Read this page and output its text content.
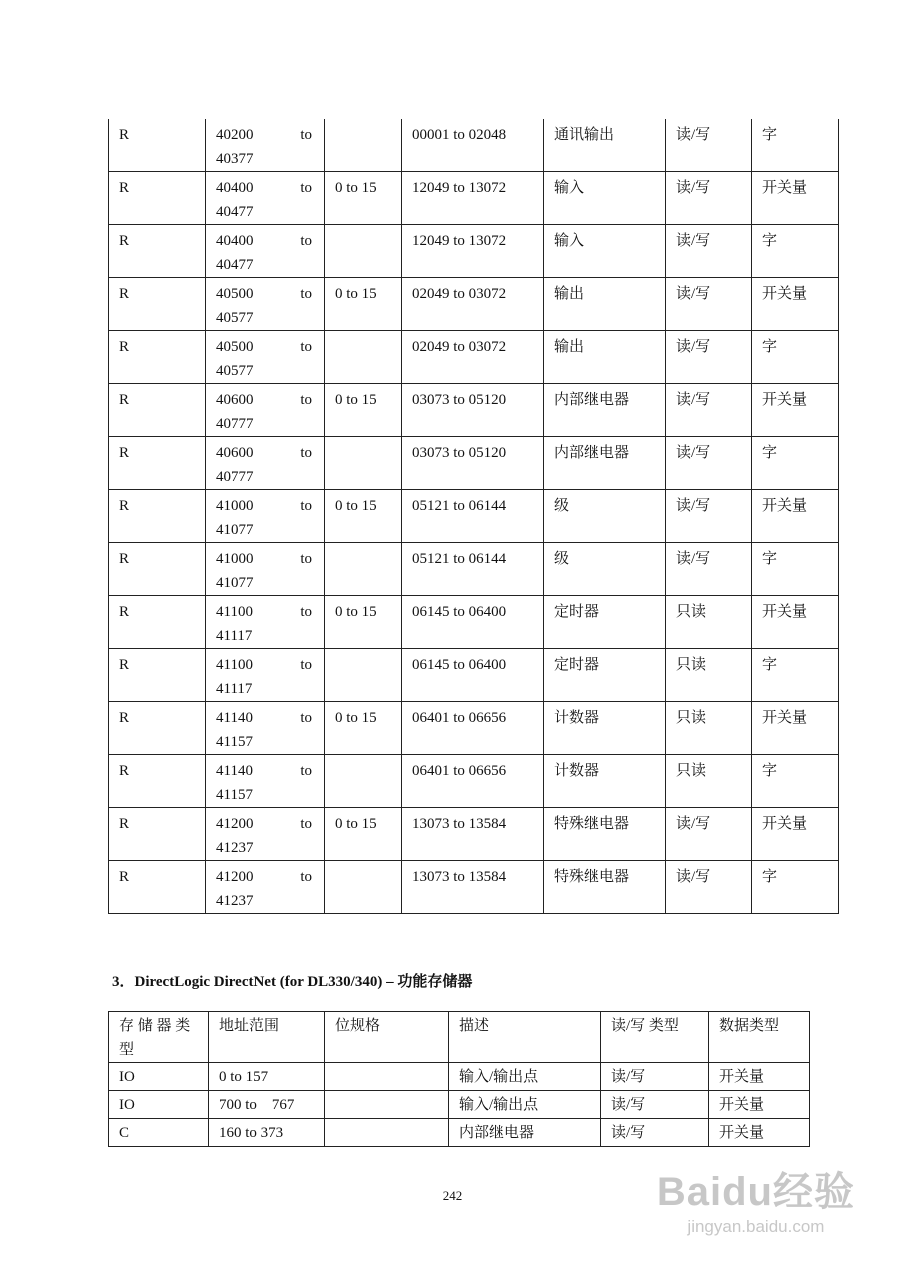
R	40200 to
40377		00001 to 02048	通讯输出	读/写	字
R	40400 to
40477	0 to 15	12049 to 13072	输入	读/写	开关量
R	40400 to
40477		12049 to 13072	输入	读/写	字
R	40500 to
40577	0 to 15	02049 to 03072	输出	读/写	开关量
R	40500 to
40577		02049 to 03072	输出	读/写	字
R	40600 to
40777	0 to 15	03073 to 05120	内部继电器	读/写	开关量
R	40600 to
40777		03073 to 05120	内部继电器	读/写	字
R	41000 to
41077	0 to 15	05121 to 06144	级	读/写	开关量
R	41000 to
41077		05121 to 06144	级	读/写	字
R	41100 to
41117	0 to 15	06145 to 06400	定时器	只读	开关量
R	41100 to
41117		06145 to 06400	定时器	只读	字
R	41140 to
41157	0 to 15	06401 to 06656	计数器	只读	开关量
R	41140 to
41157		06401 to 06656	计数器	只读	字
R	41200 to
41237	0 to 15	13073 to 13584	特殊继电器	读/写	开关量
R	41200 to
41237		13073 to 13584	特殊继电器	读/写	字
3．DirectLogic DirectNet (for DL330/340) – 功能存储器
存 储 器 类 型	地址范围	位规格	描述	读/写 类型	数据类型
IO	0 to 157		输入/输出点	读/写	开关量
IO	700 to    767		输入/输出点	读/写	开关量
C	160 to 373		内部继电器	读/写	开关量
242	Baidu经验
jingyan.baidu.com
